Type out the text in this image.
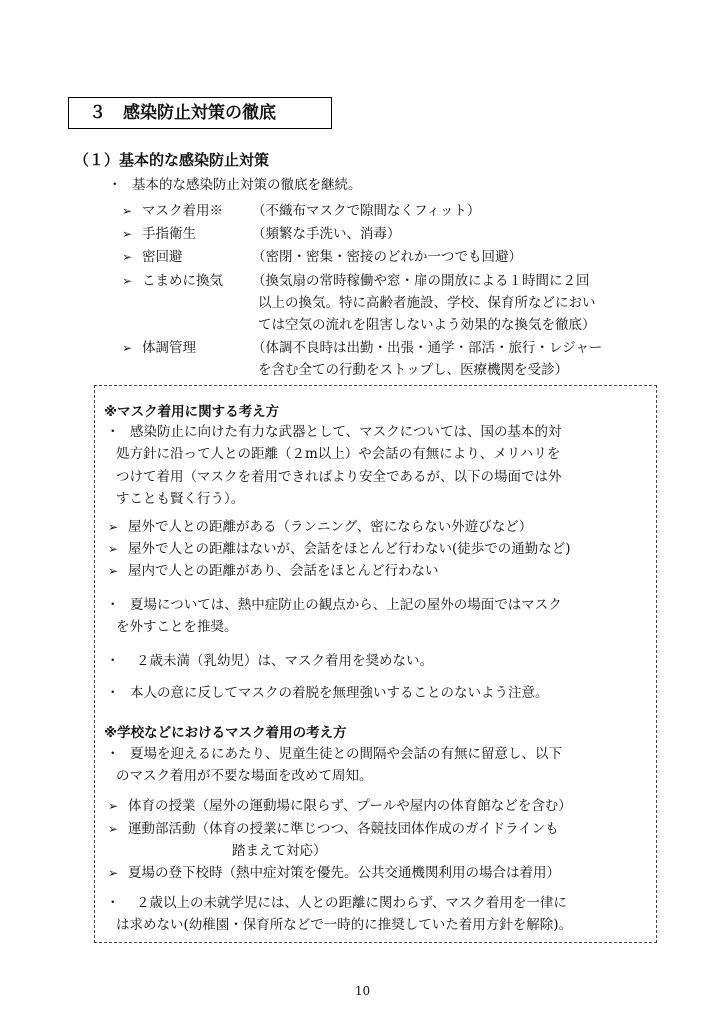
３　感染防止対策の徹底
（１）基本的な感染防止対策
・ 基本的な感染防止対策の徹底を継続。
➢ マスク着用※ （不織布マスクで隙間なくフィット）
➢ 手指衛生	（頻繁な手洗い、消毒）
➢ 密回避	（密閉・密集・密接のどれか一つでも回避）
➢ こまめに換気 （換気扇の常時稼働や窓・扉の開放による１時間に２回
以上の換気。特に高齢者施設、学校、保育所などにおい
ては空気の流れを阻害しないよう効果的な換気を徹底）
➢ 体調管理	（体調不良時は出勤・出張・通学・部活・旅行・レジャー
を含む全ての行動をストップし、医療機関を受診）
※マスク着用に関する考え方
・ 感染防止に向けた有力な武器として、マスクについては、国の基本的対
処方針に沿って人との距離（２m以上）や会話の有無により、メリハリを
つけて着用（マスクを着用できればより安全であるが、以下の場面では外
すことも賢く行う）。
➢ 屋外で人との距離がある（ランニング、密にならない外遊びなど）
➢ 屋外で人との距離はないが、会話をほとんど行わない(徒歩での通勤など)
➢ 屋内で人との距離があり、会話をほとんど行わない
・ 夏場については、熱中症防止の観点から、上記の屋外の場面ではマスク
を外すことを推奨。
・ ２歳未満（乳幼児）は、マスク着用を奨めない。
・ 本人の意に反してマスクの着脱を無理強いすることのないよう注意。
※学校などにおけるマスク着用の考え方
・ 夏場を迎えるにあたり、児童生徒との間隔や会話の有無に留意し、以下
のマスク着用が不要な場面を改めて周知。
➢ 体育の授業（屋外の運動場に限らず、プールや屋内の体育館などを含む）
➢ 運動部活動（体育の授業に準じつつ、各競技団体作成のガイドラインも
踏まえて対応）
➢ 夏場の登下校時（熱中症対策を優先。公共交通機関利用の場合は着用）
・ ２歳以上の未就学児には、人との距離に関わらず、マスク着用を一律に
は求めない(幼稚園・保育所などで一時的に推奨していた着用方針を解除)。
10
